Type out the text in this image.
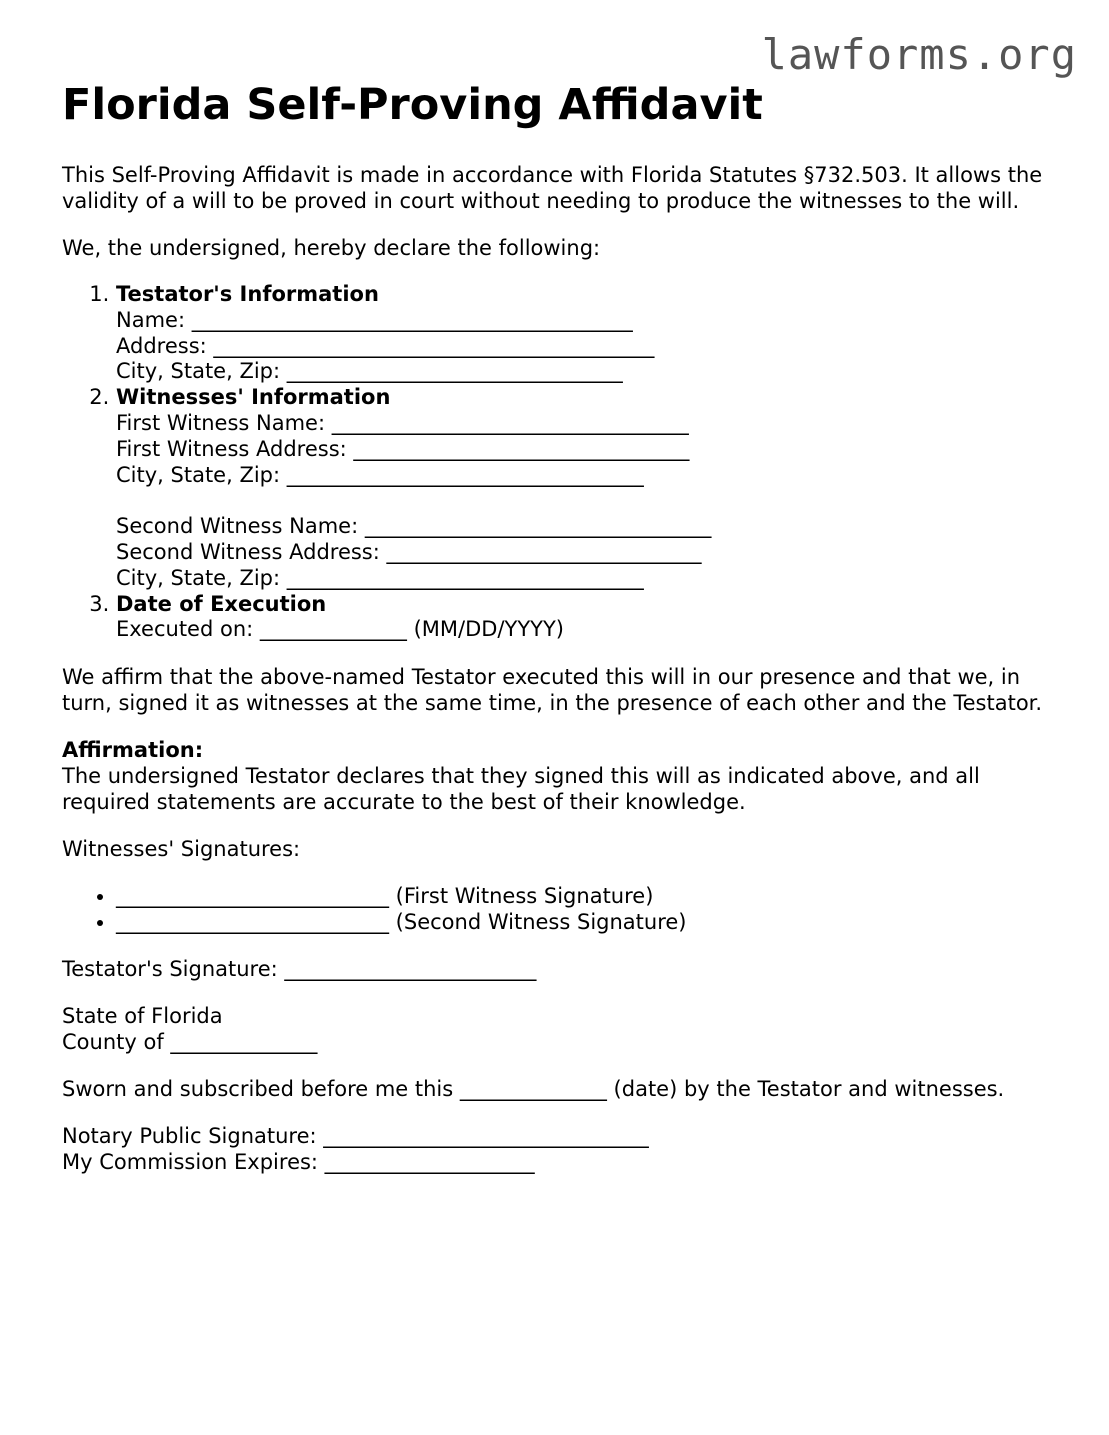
lawforms.org
Florida Self-Proving Affidavit

This Self-Proving Affidavit is made in accordance with Florida Statutes §732.503. It allows the validity of a will to be proved in court without needing to produce the witnesses to the will.

We, the undersigned, hereby declare the following:

1. Testator's Information
Name: __________________________________________
Address: __________________________________________
City, State, Zip: ________________________________
2. Witnesses' Information
First Witness Name: __________________________________
First Witness Address: ________________________________
City, State, Zip: __________________________________
Second Witness Name: _________________________________
Second Witness Address: ______________________________
City, State, Zip: __________________________________
3. Date of Execution
Executed on: ______________ (MM/DD/YYYY)

We affirm that the above-named Testator executed this will in our presence and that we, in turn, signed it as witnesses at the same time, in the presence of each other and the Testator.

Affirmation:
The undersigned Testator declares that they signed this will as indicated above, and all required statements are accurate to the best of their knowledge.

Witnesses' Signatures:

• __________________________ (First Witness Signature)
• __________________________ (Second Witness Signature)

Testator's Signature: ________________________

State of Florida
County of ______________

Sworn and subscribed before me this ______________ (date) by the Testator and witnesses.

Notary Public Signature: _______________________________
My Commission Expires: ____________________
